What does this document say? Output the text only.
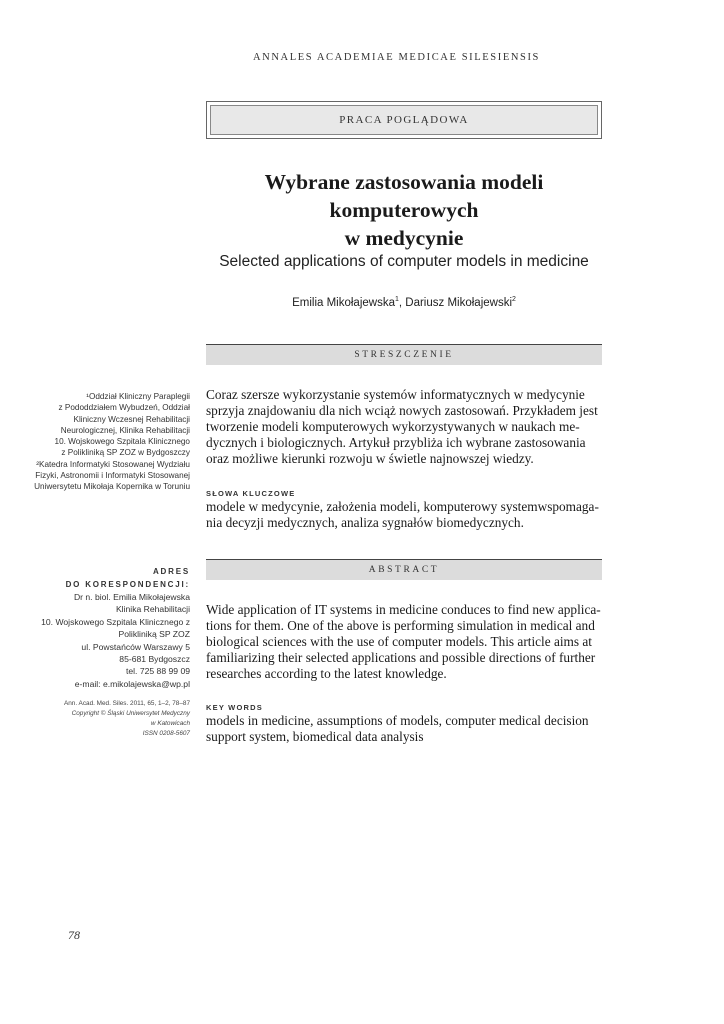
ANNALES ACADEMIAE MEDICAE SILESIENSIS
PRACA POGLĄDOWA
Wybrane zastosowania modeli komputerowych
w medycynie
Selected applications of computer models in medicine
Emilia Mikołajewska$^1$, Dariusz Mikołajewski$^2$
STRESZCZENIE
Coraz szersze wykorzystanie systemów informatycznych w medycynie
sprzyja znajdowaniu dla nich wciąż nowych zastosowań. Przykładem jest
tworzenie modeli komputerowych wykorzystywanych w naukach me-
dycznych i biologicznych. Artykuł przybliża ich wybrane zastosowania
oraz możliwe kierunki rozwoju w świetle najnowszej wiedzy.
SŁOWA KLUCZOWE
modele w medycynie, założenia modeli, komputerowy systemwspomaga-
nia decyzji medycznych, analiza sygnałów biomedycznych.
ABSTRACT
Wide application of IT systems in medicine conduces to find new applica-
tions for them. One of the above is performing simulation in medical and
biological sciences with the use of computer models. This article aims at
familiarizing their selected applications and possible directions of further
researches according to the latest knowledge.
KEY WORDS
models in medicine, assumptions of models, computer medical decision
support system, biomedical data analysis
¹Oddział Kliniczny Paraplegii
z Pododdziałem Wybudzeń, Oddział
Kliniczny Wczesnej Rehabilitacji
Neurologicznej, Klinika Rehabilitacji
10. Wojskowego Szpitala Klinicznego
z Polikliniką SP ZOZ w Bydgoszczy
²Katedra Informatyki Stosowanej Wydziału
Fizyki, Astronomii i Informatyki Stosowanej
Uniwersytetu Mikołaja Kopernika w Toruniu
ADRES
DO KORESPONDENCJI:
Dr n. biol. Emilia Mikołajewska
Klinika Rehabilitacji
10. Wojskowego Szpitala Klinicznego z
Polikliniką SP ZOZ
ul. Powstańców Warszawy 5
85-681 Bydgoszcz
tel. 725 88 99 09
e-mail: e.mikolajewska@wp.pl
Ann. Acad. Med. Siles. 2011, 65, 1–2, 78–87
Copyright © Śląski Uniwersytet Medyczny
w Katowicach
ISSN 0208-5607
78
